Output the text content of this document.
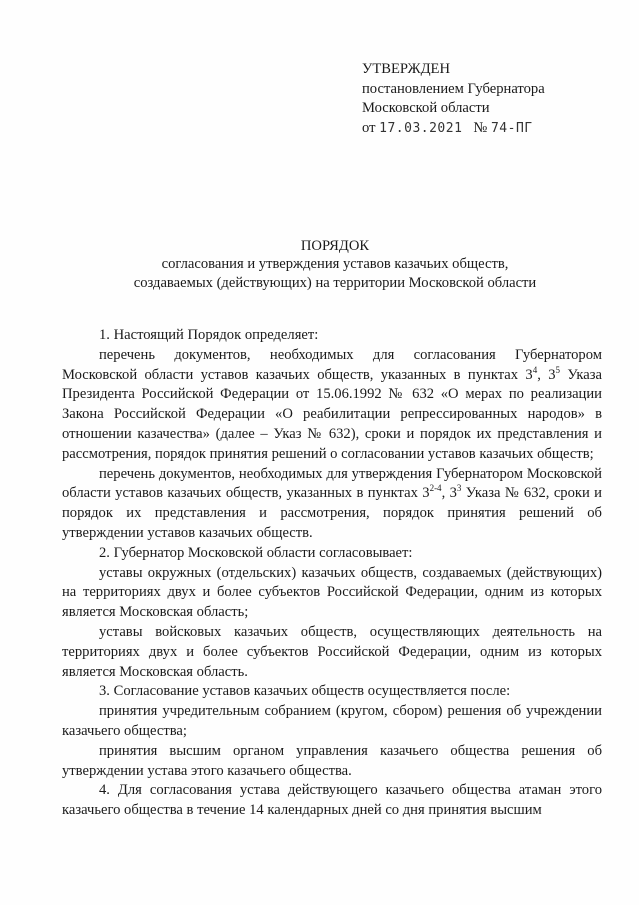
УТВЕРЖДЕН
постановлением Губернатора
Московской области
от 17.03.2021 № 74-ПГ
ПОРЯДОК
согласования и утверждения уставов казачьих обществ,
создаваемых (действующих) на территории Московской области

1. Настоящий Порядок определяет:

перечень документов, необходимых для согласования Губернатором Московской области уставов казачьих обществ, указанных в пунктах $3^4$, $3^5$ Указа Президента Российской Федерации от 15.06.1992 № 632 «О мерах по реализации Закона Российской Федерации «О реабилитации репрессированных народов» в отношении казачества» (далее – Указ № 632), сроки и порядок их представления и рассмотрения, порядок принятия решений о согласовании уставов казачьих обществ;

перечень документов, необходимых для утверждения Губернатором Московской области уставов казачьих обществ, указанных в пунктах 3$^{2-4}$, $3^3$ Указа № 632, сроки и порядок их представления и рассмотрения, порядок принятия решений об утверждении уставов казачьих обществ.

2. Губернатор Московской области согласовывает:

уставы окружных (отдельских) казачьих обществ, создаваемых (действующих) на территориях двух и более субъектов Российской Федерации, одним из которых является Московская область;

уставы войсковых казачьих обществ, осуществляющих деятельность на территориях двух и более субъектов Российской Федерации, одним из которых является Московская область.

3. Согласование уставов казачьих обществ осуществляется после:

принятия учредительным собранием (кругом, сбором) решения об учреждении казачьего общества;

принятия высшим органом управления казачьего общества решения об утверждении устава этого казачьего общества.

4. Для согласования устава действующего казачьего общества атаман этого казачьего общества в течение 14 календарных дней со дня принятия высшим
